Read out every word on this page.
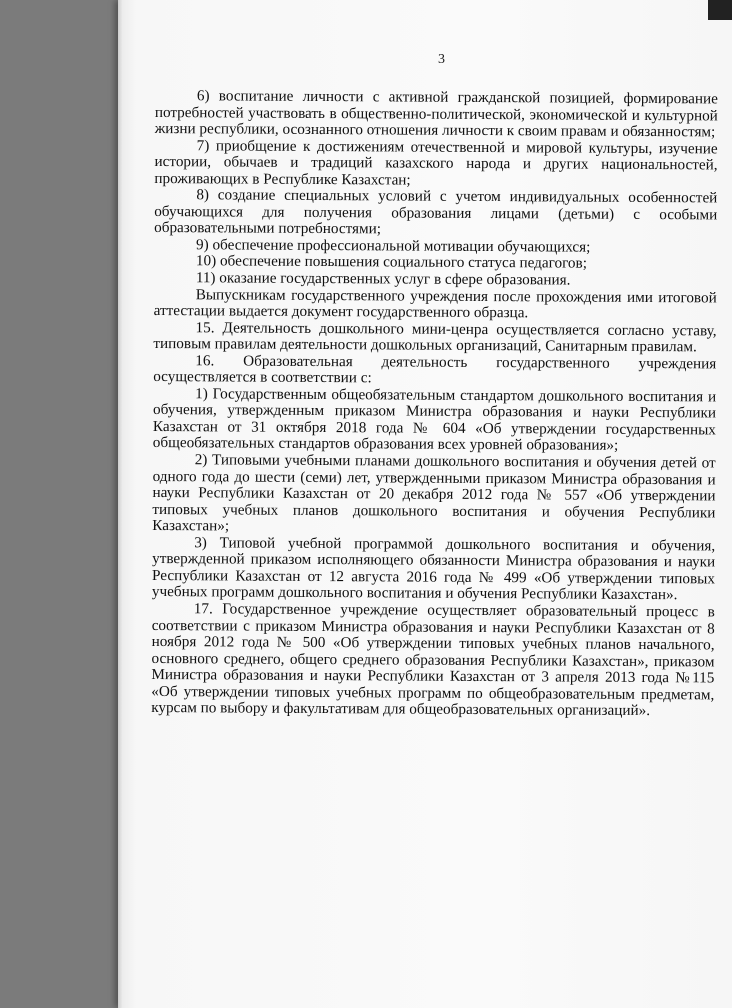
3

6) воспитание личности с активной гражданской позицией, формирование потребностей участвовать в общественно-политической, экономической и культурной жизни республики, осознанного отношения личности к своим правам и обязанностям;

7) приобщение к достижениям отечественной и мировой культуры, изучение истории, обычаев и традиций казахского народа и других национальностей, проживающих в Республике Казахстан;

8) создание специальных условий с учетом индивидуальных особенностей обучающихся для получения образования лицами (детьми) с особыми образовательными потребностями;

9) обеспечение профессиональной мотивации обучающихся;

10) обеспечение повышения социального статуса педагогов;

11) оказание государственных услуг в сфере образования.

Выпускникам государственного учреждения после прохождения ими итоговой аттестации выдается документ государственного образца.

15. Деятельность дошкольного мини-ценра осуществляется согласно уставу, типовым правилам деятельности дошкольных организаций, Санитарным правилам.

16. Образовательная деятельность государственного учреждения осуществляется в соответствии с:

1) Государственным общеобязательным стандартом дошкольного воспитания и обучения, утвержденным приказом Министра образования и науки Республики Казахстан от 31 октября 2018 года № 604 «Об утверждении государственных общеобязательных стандартов образования всех уровней образования»;

2) Типовыми учебными планами дошкольного воспитания и обучения детей от одного года до шести (семи) лет, утвержденными приказом Министра образования и науки Республики Казахстан от 20 декабря 2012 года № 557 «Об утверждении типовых учебных планов дошкольного воспитания и обучения Республики Казахстан»;

3) Типовой учебной программой дошкольного воспитания и обучения, утвержденной приказом исполняющего обязанности Министра образования и науки Республики Казахстан от 12 августа 2016 года № 499 «Об утверждении типовых учебных программ дошкольного воспитания и обучения Республики Казахстан».

17. Государственное учреждение осуществляет образовательный процесс в соответствии с приказом Министра образования и науки Республики Казахстан от 8 ноября 2012 года № 500 «Об утверждении типовых учебных планов начального, основного среднего, общего среднего образования Республики Казахстан», приказом Министра образования и науки Республики Казахстан от 3 апреля 2013 года №115 «Об утверждении типовых учебных программ по общеобразовательным предметам, курсам по выбору и факультативам для общеобразовательных организаций».
